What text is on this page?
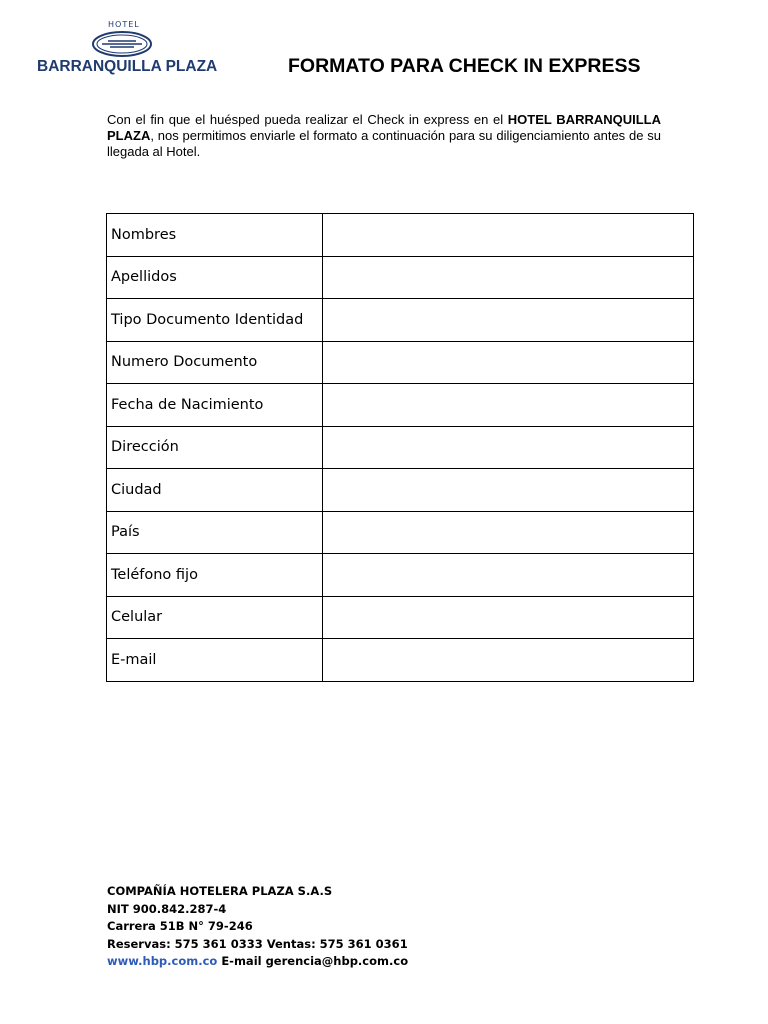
HOTEL
BARRANQUILLA PLAZA	FORMATO PARA CHECK IN EXPRESS
Con el fin que el huésped pueda realizar el Check in express en el HOTEL BARRANQUILLA PLAZA, nos permitimos enviarle el formato a continuación para su diligenciamiento antes de su llegada al Hotel.
Nombres	
Apellidos	
Tipo Documento Identidad	
Numero Documento	
Fecha de Nacimiento	
Dirección	
Ciudad	
País	
Teléfono fijo	
Celular	
E-mail	
COMPAÑÍA HOTELERA PLAZA S.A.S
NIT 900.842.287-4
Carrera 51B N° 79-246
Reservas: 575 361 0333 Ventas: 575 361 0361
www.hbp.com.co E-mail gerencia@hbp.com.co
